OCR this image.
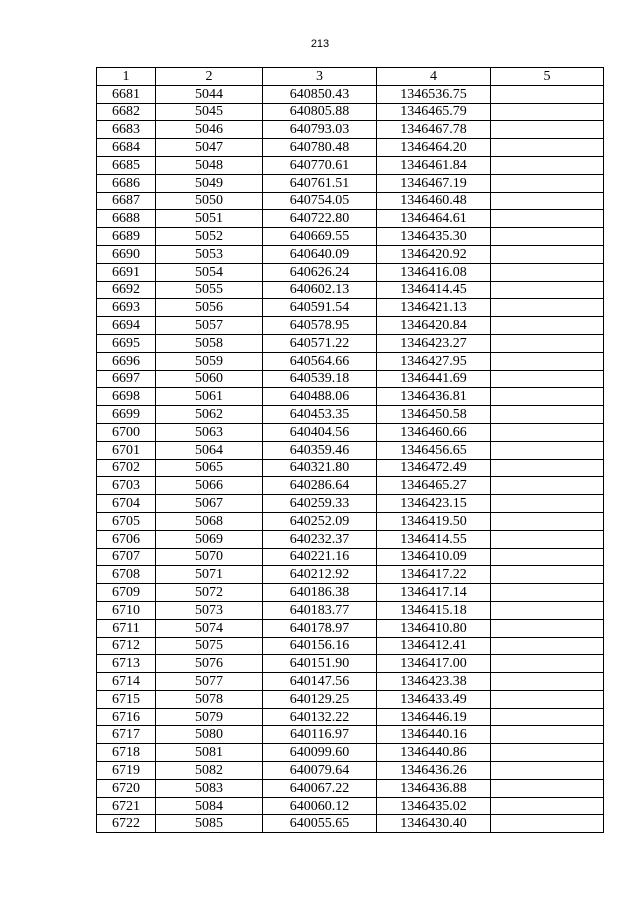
213
1	2	3	4	5
6681	5044	640850.43	1346536.75	
6682	5045	640805.88	1346465.79	
6683	5046	640793.03	1346467.78	
6684	5047	640780.48	1346464.20	
6685	5048	640770.61	1346461.84	
6686	5049	640761.51	1346467.19	
6687	5050	640754.05	1346460.48	
6688	5051	640722.80	1346464.61	
6689	5052	640669.55	1346435.30	
6690	5053	640640.09	1346420.92	
6691	5054	640626.24	1346416.08	
6692	5055	640602.13	1346414.45	
6693	5056	640591.54	1346421.13	
6694	5057	640578.95	1346420.84	
6695	5058	640571.22	1346423.27	
6696	5059	640564.66	1346427.95	
6697	5060	640539.18	1346441.69	
6698	5061	640488.06	1346436.81	
6699	5062	640453.35	1346450.58	
6700	5063	640404.56	1346460.66	
6701	5064	640359.46	1346456.65	
6702	5065	640321.80	1346472.49	
6703	5066	640286.64	1346465.27	
6704	5067	640259.33	1346423.15	
6705	5068	640252.09	1346419.50	
6706	5069	640232.37	1346414.55	
6707	5070	640221.16	1346410.09	
6708	5071	640212.92	1346417.22	
6709	5072	640186.38	1346417.14	
6710	5073	640183.77	1346415.18	
6711	5074	640178.97	1346410.80	
6712	5075	640156.16	1346412.41	
6713	5076	640151.90	1346417.00	
6714	5077	640147.56	1346423.38	
6715	5078	640129.25	1346433.49	
6716	5079	640132.22	1346446.19	
6717	5080	640116.97	1346440.16	
6718	5081	640099.60	1346440.86	
6719	5082	640079.64	1346436.26	
6720	5083	640067.22	1346436.88	
6721	5084	640060.12	1346435.02	
6722	5085	640055.65	1346430.40	
